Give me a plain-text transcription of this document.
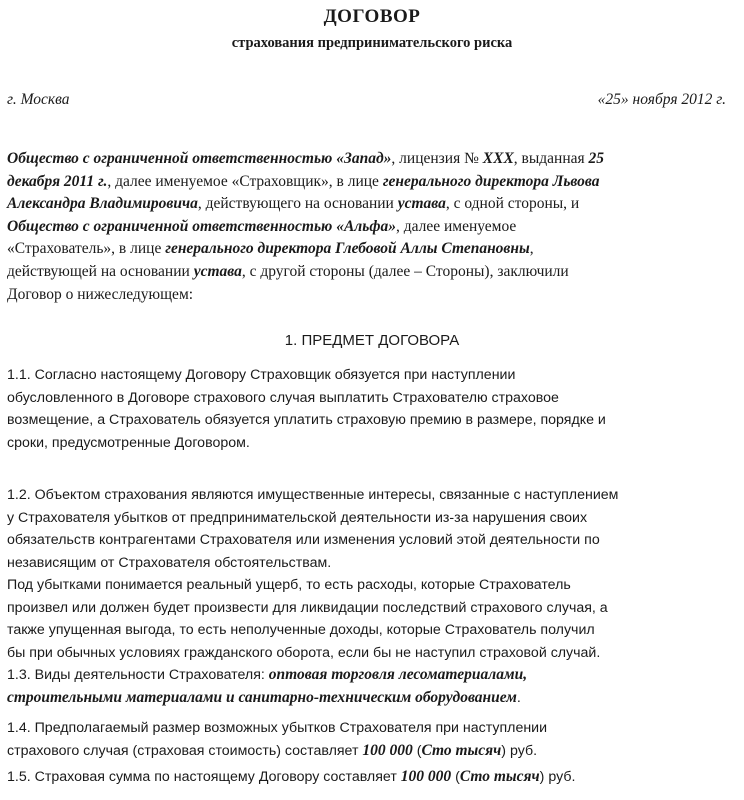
ДОГОВОР
страхования предпринимательского риска
г. Москва	«25» ноября 2012 г.
Общество с ограниченной ответственностью «Запад», лицензия № ХХХ, выданная 25
декабря 2011 г., далее именуемое «Страховщик», в лице генерального директора Львова
Александра Владимировича, действующего на основании устава, с одной стороны, и
Общество с ограниченной ответственностью «Альфа», далее именуемое
«Страхователь», в лице генерального директора Глебовой Аллы Степановны,
действующей на основании устава, с другой стороны (далее – Стороны), заключили
Договор о нижеследующем:
1. ПРЕДМЕТ ДОГОВОРА
1.1. Согласно настоящему Договору Страховщик обязуется при наступлении
обусловленного в Договоре страхового случая выплатить Страхователю страховое
возмещение, а Страхователь обязуется уплатить страховую премию в размере, порядке и
сроки, предусмотренные Договором.
1.2. Объектом страхования являются имущественные интересы, связанные с наступлением
у Страхователя убытков от предпринимательской деятельности из-за нарушения своих
обязательств контрагентами Страхователя или изменения условий этой деятельности по
независящим от Страхователя обстоятельствам.
Под убытками понимается реальный ущерб, то есть расходы, которые Страхователь
произвел или должен будет произвести для ликвидации последствий страхового случая, а
также упущенная выгода, то есть неполученные доходы, которые Страхователь получил
бы при обычных условиях гражданского оборота, если бы не наступил страховой случай.
1.3. Виды деятельности Страхователя: оптовая торговля лесоматериалами,
строительными материалами и санитарно-техническим оборудованием.
1.4. Предполагаемый размер возможных убытков Страхователя при наступлении
страхового случая (страховая стоимость) составляет 100 000 (Сто тысяч) руб.
1.5. Страховая сумма по настоящему Договору составляет 100 000 (Сто тысяч) руб.
